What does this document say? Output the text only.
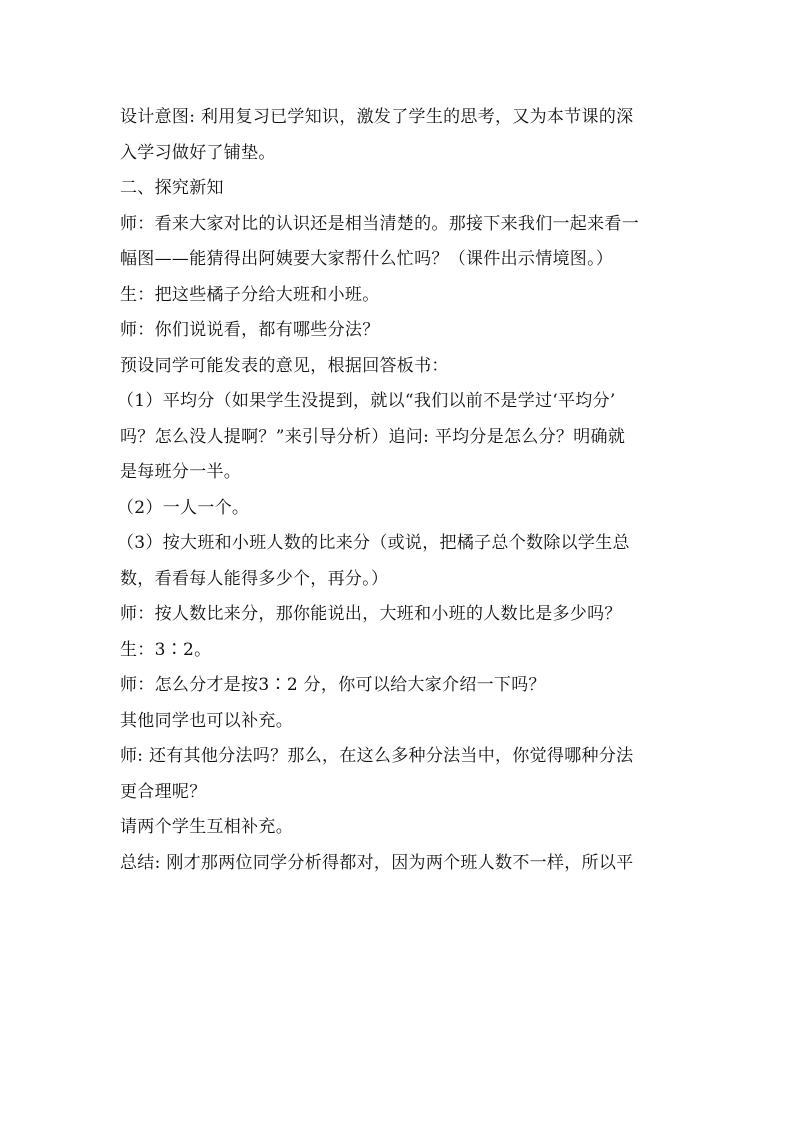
设计意图: 利用复习已学知识，激发了学生的思考，又为本节课的深
入学习做好了铺垫。
二、探究新知
师：看来大家对比的认识还是相当清楚的。那接下来我们一起来看一
幅图——能猜得出阿姨要大家帮什么忙吗？（课件出示情境图。）
生：把这些橘子分给大班和小班。
师：你们说说看，都有哪些分法？
预设同学可能发表的意见，根据回答板书：
（1）平均分（如果学生没提到，就以“我们以前不是学过‘平均分’
吗？怎么没人提啊？”来引导分析）追问: 平均分是怎么分？明确就
是每班分一半。
（2）一人一个。
（3）按大班和小班人数的比来分（或说，把橘子总个数除以学生总
数，看看每人能得多少个，再分。）
师：按人数比来分，那你能说出，大班和小班的人数比是多少吗？
生：3∶2。
师：怎么分才是按3∶2 分，你可以给大家介绍一下吗？
其他同学也可以补充。
师: 还有其他分法吗？那么，在这么多种分法当中，你觉得哪种分法
更合理呢？
请两个学生互相补充。
总结: 刚才那两位同学分析得都对，因为两个班人数不一样，所以平
